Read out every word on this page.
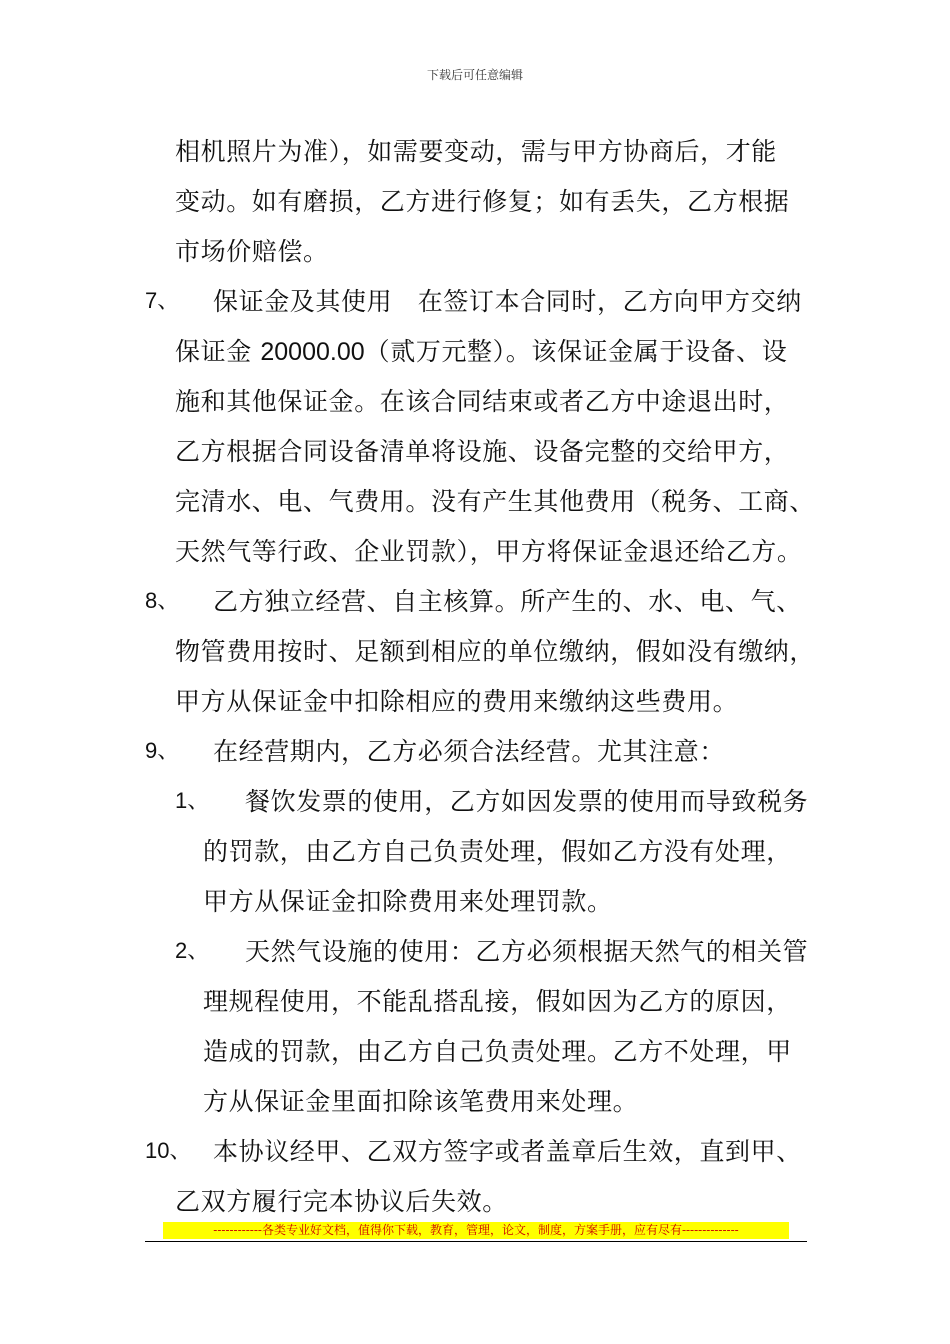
下载后可任意编辑
相机照片为准），如需要变动，需与甲方协商后，才能
变动。如有磨损，乙方进行修复；如有丢失，乙方根据
市场价赔偿。
7、 保证金及其使用　在签订本合同时，乙方向甲方交纳
保证金 20000.00（贰万元整）。该保证金属于设备、设
施和其他保证金。在该合同结束或者乙方中途退出时，
乙方根据合同设备清单将设施、设备完整的交给甲方，
完清水、电、气费用。没有产生其他费用（税务、工商、
天然气等行政、企业罚款），甲方将保证金退还给乙方。
8、 乙方独立经营、自主核算。所产生的、水、电、气、
物管费用按时、足额到相应的单位缴纳，假如没有缴纳，
甲方从保证金中扣除相应的费用来缴纳这些费用。
9、 在经营期内，乙方必须合法经营。尤其注意：
1、 餐饮发票的使用，乙方如因发票的使用而导致税务
的罚款，由乙方自己负责处理，假如乙方没有处理，
甲方从保证金扣除费用来处理罚款。
2、 天然气设施的使用：乙方必须根据天然气的相关管
理规程使用，不能乱搭乱接，假如因为乙方的原因，
造成的罚款，由乙方自己负责处理。乙方不处理，甲
方从保证金里面扣除该笔费用来处理。
10、 本协议经甲、乙双方签字或者盖章后生效，直到甲、
乙双方履行完本协议后失效。
------------各类专业好文档，值得你下载，教育，管理，论文，制度，方案手册，应有尽有--------------
